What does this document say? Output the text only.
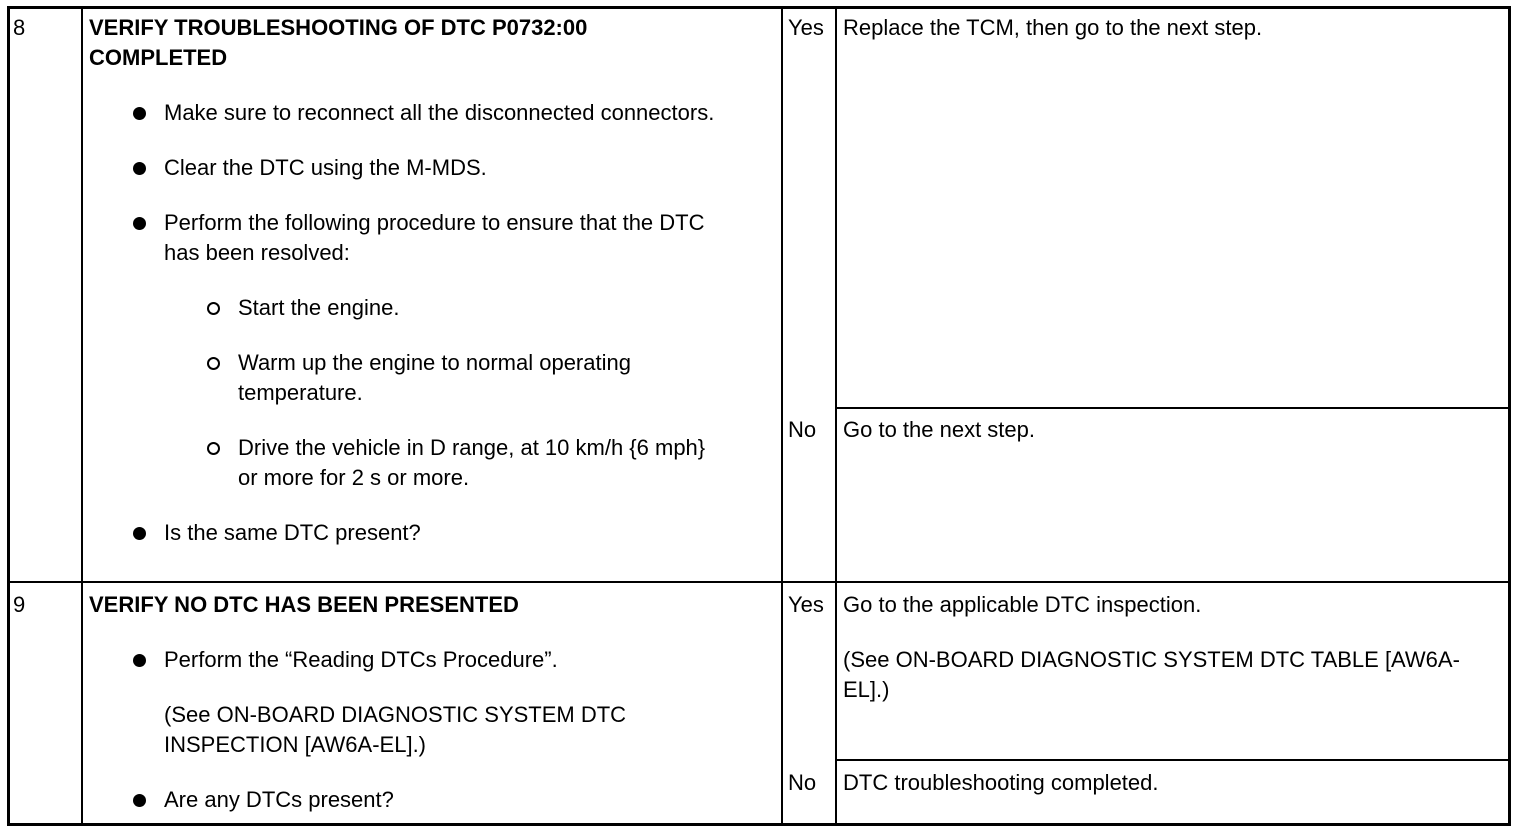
8	VERIFY TROUBLESHOOTING OF DTC P0732:00 COMPLETED

Make sure to reconnect all the disconnected connectors.
Clear the DTC using the M-MDS.
Perform the following procedure to ensure that the DTC has been resolved:
Start the engine.
Warm up the engine to normal operating temperature.
Drive the vehicle in D range, at 10 km/h {6 mph} or more for 2 s or more.
Is the same DTC present?
Yes Replace the TCM, then go to the next step.
No Go to the next step.
9	VERIFY NO DTC HAS BEEN PRESENTED

Perform the “Reading DTCs Procedure”.
(See ON-BOARD DIAGNOSTIC SYSTEM DTC INSPECTION [AW6A-EL].)
Are any DTCs present?
Yes Go to the applicable DTC inspection.
(See ON-BOARD DIAGNOSTIC SYSTEM DTC TABLE [AW6A-EL].)
No DTC troubleshooting completed.
